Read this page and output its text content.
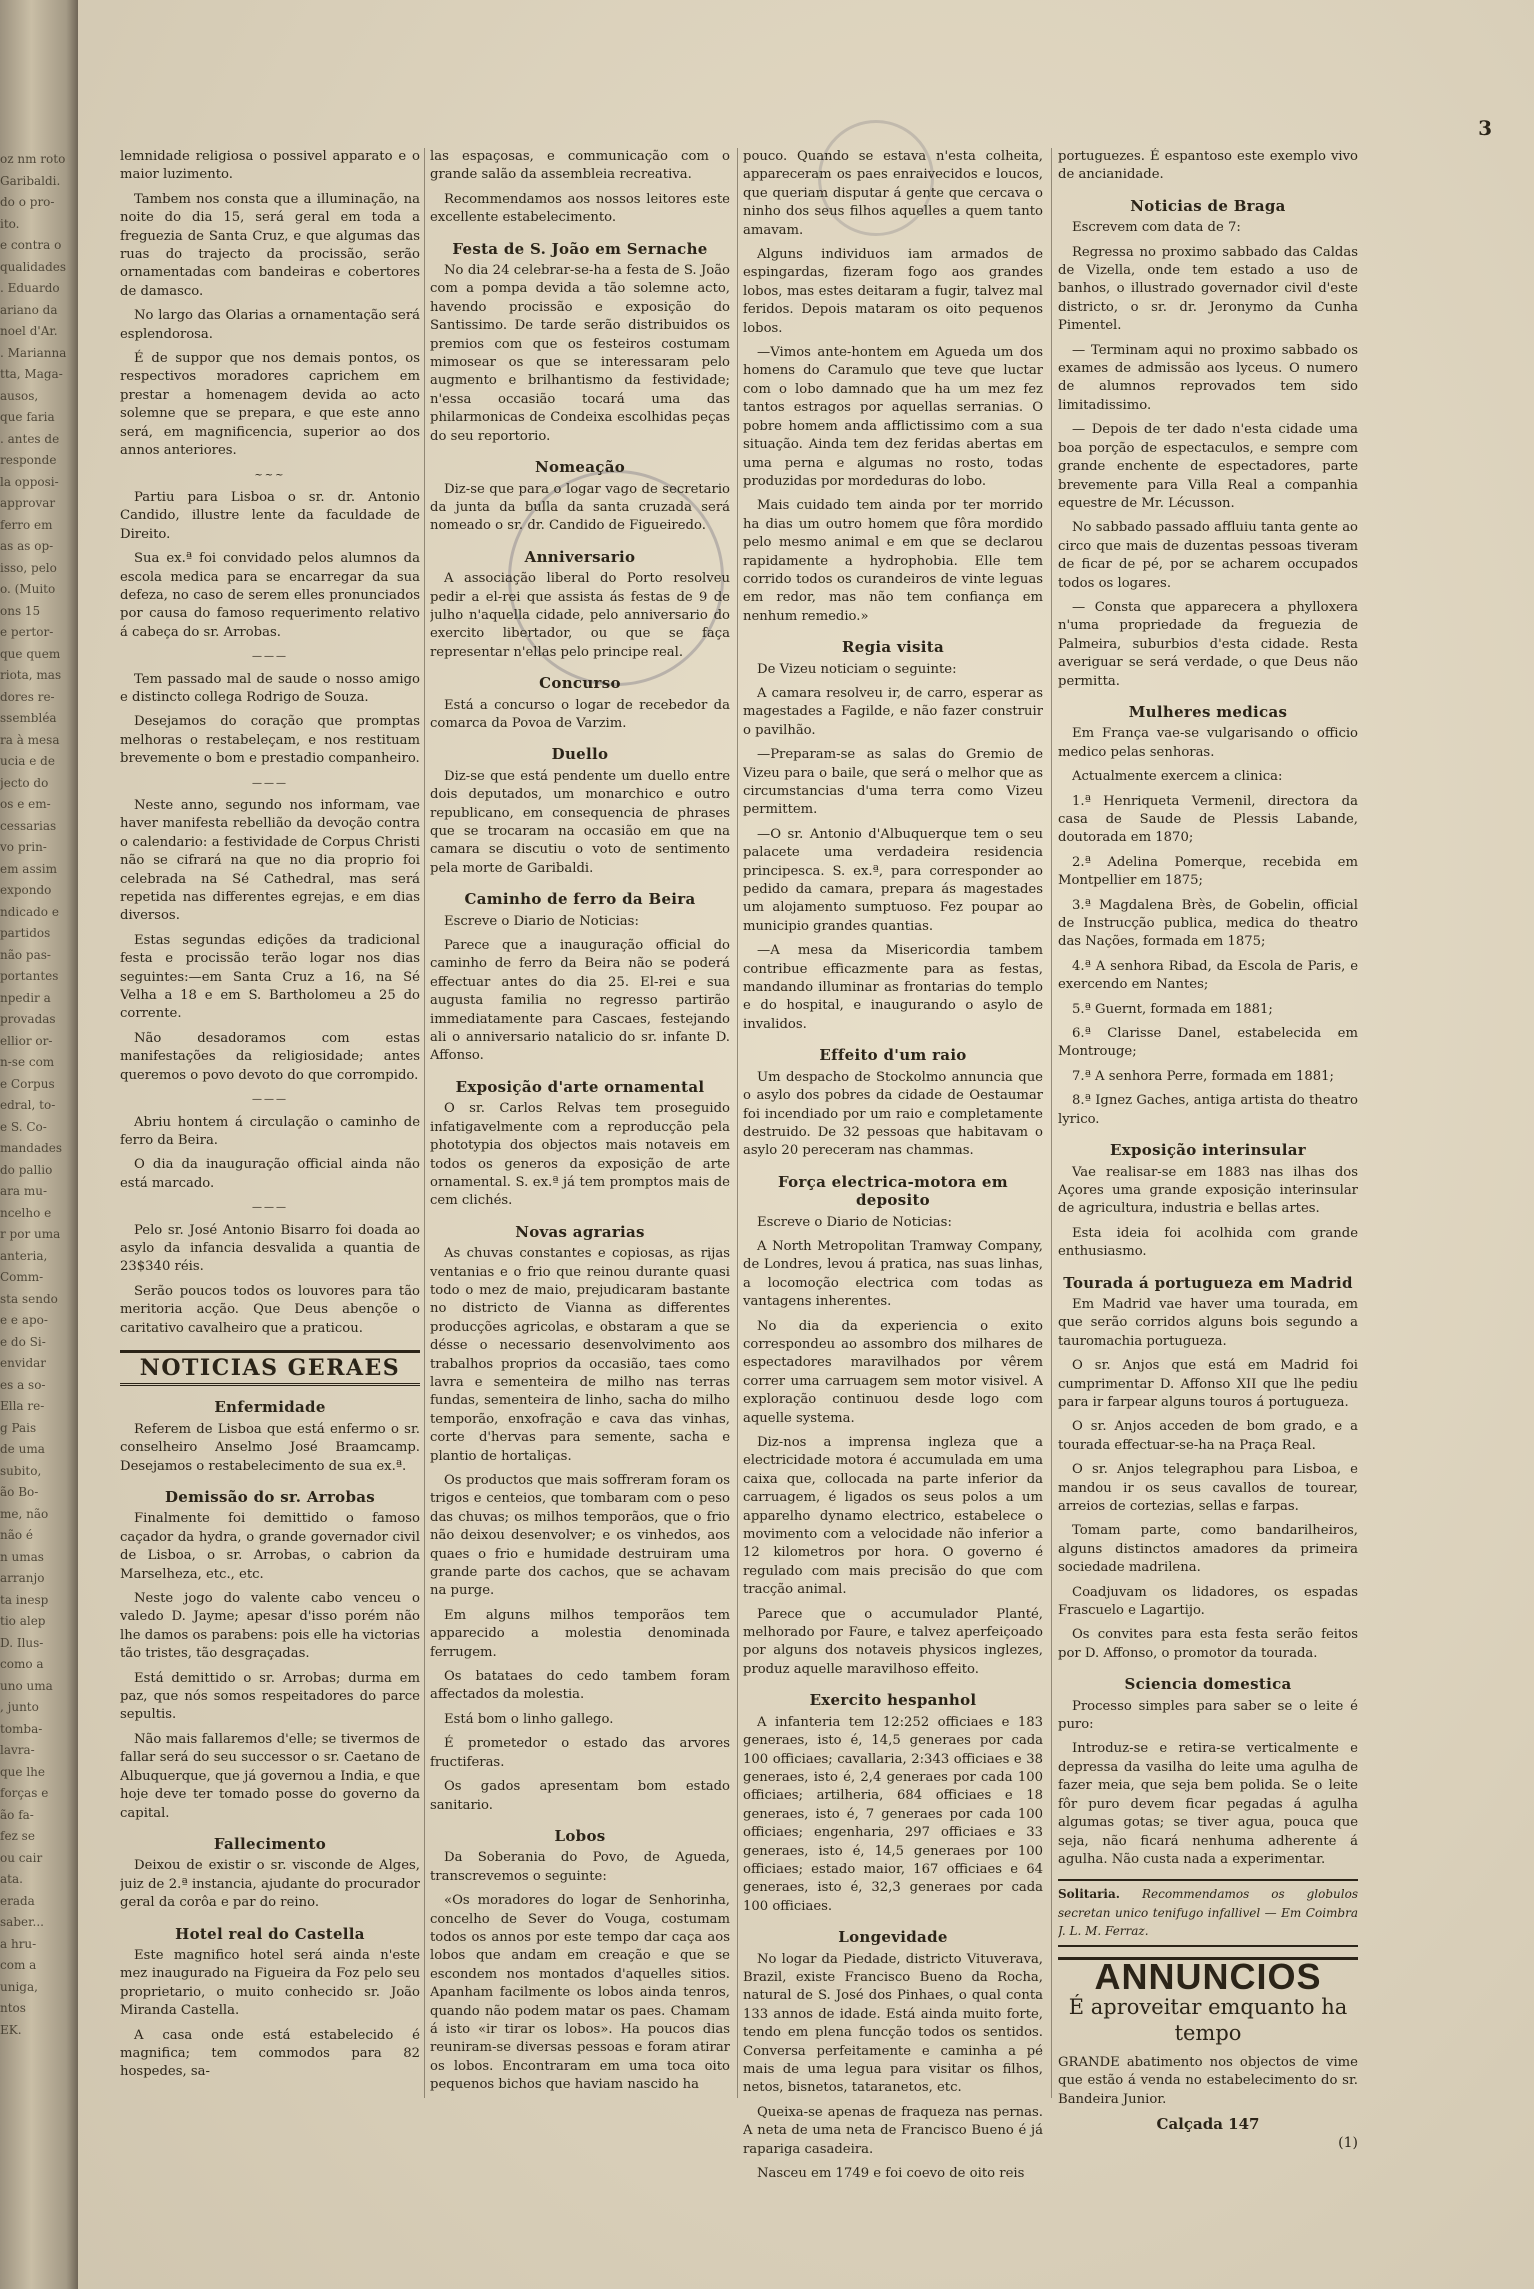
oz nm roto
Garibaldi.
do o pro-
ito.
e contra o
qualidades
. Eduardo
ariano da
noel d'Ar.
. Marianna
tta, Maga-
ausos,
que faria
. antes de
responde
la opposi-
approvar
ferro em
as as op-
isso, pelo
o. (Muito
ons 15
e pertor-
que quem
riota, mas
dores re-
ssembléa
ra à mesa
ucia e de
jecto do
os e em-
cessarias
vo prin-
em assim
expondo
ndicado e
partidos
não pas-
portantes
npedir a
provadas
ellior or-
n-se com
e Corpus
edral, to-
e S. Co-
mandades
do pallio
ara mu-
ncelho e
r por uma
anteria,
Comm-
sta sendo
e e apo-
e do Si-
envidar
es a so-
Ella re-
g Pais
de uma
subito,
ão Bo-
me, não
não é
n umas
arranjo
ta inesp
tio alep
D. Ilus-
como a
uno uma
, junto
tomba-
lavra-
que lhe
forças e
ão fa-
fez se
ou cair
ata.
erada
saber...
a hru-
com a
uniga,
ntos
EK.
3

lemnidade religiosa o possivel apparato e o maior luzimento.

Tambem nos consta que a illuminação, na noite do dia 15, será geral em toda a freguezia de Santa Cruz, e que algumas das ruas do trajecto da procissão, serão ornamentadas com bandeiras e cobertores de damasco.

No largo das Olarias a ornamentação será esplendorosa.

É de suppor que nos demais pontos, os respectivos moradores caprichem em prestar a homenagem devida ao acto solemne que se prepara, e que este anno será, em magnificencia, superior ao dos annos anteriores.

~~~

Partiu para Lisboa o sr. dr. Antonio Candido, illustre lente da faculdade de Direito.

Sua ex.ª foi convidado pelos alumnos da escola medica para se encarregar da sua defeza, no caso de serem elles pronunciados por causa do famoso requerimento relativo á cabeça do sr. Arrobas.

———

Tem passado mal de saude o nosso amigo e distincto collega Rodrigo de Souza.

Desejamos do coração que promptas melhoras o restabeleçam, e nos restituam brevemente o bom e prestadio companheiro.

———

Neste anno, segundo nos informam, vae haver manifesta rebellião da devoção contra o calendario: a festividade de Corpus Christi não se cifrará na que no dia proprio foi celebrada na Sé Cathedral, mas será repetida nas differentes egrejas, e em dias diversos.

Estas segundas edições da tradicional festa e procissão terão logar nos dias seguintes:—em Santa Cruz a 16, na Sé Velha a 18 e em S. Bartholomeu a 25 do corrente.

Não desadoramos com estas manifestações da religiosidade; antes queremos o povo devoto do que corrompido.

———

Abriu hontem á circulação o caminho de ferro da Beira.

O dia da inauguração official ainda não está marcado.

———

Pelo sr. José Antonio Bisarro foi doada ao asylo da infancia desvalida a quantia de 23$340 réis.

Serão poucos todos os louvores para tão meritoria acção. Que Deus abençõe o caritativo cavalheiro que a praticou.

NOTICIAS GERAES
Enfermidade

Referem de Lisboa que está enfermo o sr. conselheiro Anselmo José Braamcamp. Desejamos o restabelecimento de sua ex.ª.

Demissão do sr. Arrobas

Finalmente foi demittido o famoso caçador da hydra, o grande governador civil de Lisboa, o sr. Arrobas, o cabrion da Marselheza, etc., etc.

Neste jogo do valente cabo venceu o valedo D. Jayme; apesar d'isso porém não lhe damos os parabens: pois elle ha victorias tão tristes, tão desgraçadas.

Está demittido o sr. Arrobas; durma em paz, que nós somos respeitadores do parce sepultis.

Não mais fallaremos d'elle; se tivermos de fallar será do seu successor o sr. Caetano de Albuquerque, que já governou a India, e que hoje deve ter tomado posse do governo da capital.

Fallecimento

Deixou de existir o sr. visconde de Alges, juiz de 2.ª instancia, ajudante do procurador geral da corôa e par do reino.

Hotel real do Castella

Este magnifico hotel será ainda n'este mez inaugurado na Figueira da Foz pelo seu proprietario, o muito conhecido sr. João Miranda Castella.

A casa onde está estabelecido é magnifica; tem commodos para 82 hospedes, sa-

las espaçosas, e communicação com o grande salão da assembleia recreativa.

Recommendamos aos nossos leitores este excellente estabelecimento.

Festa de S. João em Sernache

No dia 24 celebrar-se-ha a festa de S. João com a pompa devida a tão solemne acto, havendo procissão e exposição do Santissimo. De tarde serão distribuidos os premios com que os festeiros costumam mimosear os que se interessaram pelo augmento e brilhantismo da festividade; n'essa occasião tocará uma das philarmonicas de Condeixa escolhidas peças do seu reportorio.

Nomeação

Diz-se que para o logar vago de secretario da junta da bulla da santa cruzada será nomeado o sr. dr. Candido de Figueiredo.

Anniversario

A associação liberal do Porto resolveu pedir a el-rei que assista ás festas de 9 de julho n'aquella cidade, pelo anniversario do exercito libertador, ou que se faça representar n'ellas pelo principe real.

Concurso

Está a concurso o logar de recebedor da comarca da Povoa de Varzim.

Duello

Diz-se que está pendente um duello entre dois deputados, um monarchico e outro republicano, em consequencia de phrases que se trocaram na occasião em que na camara se discutiu o voto de sentimento pela morte de Garibaldi.

Caminho de ferro da Beira

Escreve o Diario de Noticias:

Parece que a inauguração official do caminho de ferro da Beira não se poderá effectuar antes do dia 25. El-rei e sua augusta familia no regresso partirão immediatamente para Cascaes, festejando ali o anniversario natalicio do sr. infante D. Affonso.

Exposição d'arte ornamental

O sr. Carlos Relvas tem proseguido infatigavelmente com a reproducção pela phototypia dos objectos mais notaveis em todos os generos da exposição de arte ornamental. S. ex.ª já tem promptos mais de cem clichés.

Novas agrarias

As chuvas constantes e copiosas, as rijas ventanias e o frio que reinou durante quasi todo o mez de maio, prejudicaram bastante no districto de Vianna as differentes producções agricolas, e obstaram a que se désse o necessario desenvolvimento aos trabalhos proprios da occasião, taes como lavra e sementeira de milho nas terras fundas, sementeira de linho, sacha do milho temporão, enxofração e cava das vinhas, corte d'hervas para semente, sacha e plantio de hortaliças.

Os productos que mais soffreram foram os trigos e centeios, que tombaram com o peso das chuvas; os milhos temporãos, que o frio não deixou desenvolver; e os vinhedos, aos quaes o frio e humidade destruiram uma grande parte dos cachos, que se achavam na purge.

Em alguns milhos temporãos tem apparecido a molestia denominada ferrugem.

Os batataes do cedo tambem foram affectados da molestia.

Está bom o linho gallego.

É prometedor o estado das arvores fructiferas.

Os gados apresentam bom estado sanitario.

Lobos

Da Soberania do Povo, de Agueda, transcrevemos o seguinte:

«Os moradores do logar de Senhorinha, concelho de Sever do Vouga, costumam todos os annos por este tempo dar caça aos lobos que andam em creação e que se escondem nos montados d'aquelles sitios. Apanham facilmente os lobos ainda tenros, quando não podem matar os paes. Chamam á isto «ir tirar os lobos». Ha poucos dias reuniram-se diversas pessoas e foram atirar os lobos. Encontraram em uma toca oito pequenos bichos que haviam nascido ha

pouco. Quando se estava n'esta colheita, appareceram os paes enraivecidos e loucos, que queriam disputar á gente que cercava o ninho dos seus filhos aquelles a quem tanto amavam.

Alguns individuos iam armados de espingardas, fizeram fogo aos grandes lobos, mas estes deitaram a fugir, talvez mal feridos. Depois mataram os oito pequenos lobos.

—Vimos ante-hontem em Agueda um dos homens do Caramulo que teve que luctar com o lobo damnado que ha um mez fez tantos estragos por aquellas serranias. O pobre homem anda afflictissimo com a sua situação. Ainda tem dez feridas abertas em uma perna e algumas no rosto, todas produzidas por mordeduras do lobo.

Mais cuidado tem ainda por ter morrido ha dias um outro homem que fôra mordido pelo mesmo animal e em que se declarou rapidamente a hydrophobia. Elle tem corrido todos os curandeiros de vinte leguas em redor, mas não tem confiança em nenhum remedio.»

Regia visita

De Vizeu noticiam o seguinte:

A camara resolveu ir, de carro, esperar as magestades a Fagilde, e não fazer construir o pavilhão.

—Preparam-se as salas do Gremio de Vizeu para o baile, que será o melhor que as circumstancias d'uma terra como Vizeu permittem.

—O sr. Antonio d'Albuquerque tem o seu palacete uma verdadeira residencia principesca. S. ex.ª, para corresponder ao pedido da camara, prepara ás magestades um alojamento sumptuoso. Fez poupar ao municipio grandes quantias.

—A mesa da Misericordia tambem contribue efficazmente para as festas, mandando illuminar as frontarias do templo e do hospital, e inaugurando o asylo de invalidos.

Effeito d'um raio

Um despacho de Stockolmo annuncia que o asylo dos pobres da cidade de Oestaumar foi incendiado por um raio e completamente destruido. De 32 pessoas que habitavam o asylo 20 pereceram nas chammas.

Força electrica-motora em deposito

Escreve o Diario de Noticias:

A North Metropolitan Tramway Company, de Londres, levou á pratica, nas suas linhas, a locomoção electrica com todas as vantagens inherentes.

No dia da experiencia o exito correspondeu ao assombro dos milhares de espectadores maravilhados por vêrem correr uma carruagem sem motor visivel. A exploração continuou desde logo com aquelle systema.

Diz-nos a imprensa ingleza que a electricidade motora é accumulada em uma caixa que, collocada na parte inferior da carruagem, é ligados os seus polos a um apparelho dynamo electrico, estabelece o movimento com a velocidade não inferior a 12 kilometros por hora. O governo é regulado com mais precisão do que com tracção animal.

Parece que o accumulador Planté, melhorado por Faure, e talvez aperfeiçoado por alguns dos notaveis physicos inglezes, produz aquelle maravilhoso effeito.

Exercito hespanhol

A infanteria tem 12:252 officiaes e 183 generaes, isto é, 14,5 generaes por cada 100 officiaes; cavallaria, 2:343 officiaes e 38 generaes, isto é, 2,4 generaes por cada 100 officiaes; artilheria, 684 officiaes e 18 generaes, isto é, 7 generaes por cada 100 officiaes; engenharia, 297 officiaes e 33 generaes, isto é, 14,5 generaes por 100 officiaes; estado maior, 167 officiaes e 64 generaes, isto é, 32,3 generaes por cada 100 officiaes.

Longevidade

No logar da Piedade, districto Vituverava, Brazil, existe Francisco Bueno da Rocha, natural de S. José dos Pinhaes, o qual conta 133 annos de idade. Está ainda muito forte, tendo em plena funcção todos os sentidos. Conversa perfeitamente e caminha a pé mais de uma legua para visitar os filhos, netos, bisnetos, tataranetos, etc.

Queixa-se apenas de fraqueza nas pernas. A neta de uma neta de Francisco Bueno é já rapariga casadeira.

Nasceu em 1749 e foi coevo de oito reis

portuguezes. É espantoso este exemplo vivo de ancianidade.

Noticias de Braga

Escrevem com data de 7:

Regressa no proximo sabbado das Caldas de Vizella, onde tem estado a uso de banhos, o illustrado governador civil d'este districto, o sr. dr. Jeronymo da Cunha Pimentel.

— Terminam aqui no proximo sabbado os exames de admissão aos lyceus. O numero de alumnos reprovados tem sido limitadissimo.

— Depois de ter dado n'esta cidade uma boa porção de espectaculos, e sempre com grande enchente de espectadores, parte brevemente para Villa Real a companhia equestre de Mr. Lécusson.

No sabbado passado affluiu tanta gente ao circo que mais de duzentas pessoas tiveram de ficar de pé, por se acharem occupados todos os logares.

— Consta que apparecera a phylloxera n'uma propriedade da freguezia de Palmeira, suburbios d'esta cidade. Resta averiguar se será verdade, o que Deus não permitta.

Mulheres medicas

Em França vae-se vulgarisando o officio medico pelas senhoras.

Actualmente exercem a clinica:

1.ª Henriqueta Vermenil, directora da casa de Saude de Plessis Labande, doutorada em 1870;

2.ª Adelina Pomerque, recebida em Montpellier em 1875;

3.ª Magdalena Brès, de Gobelin, official de Instrucção publica, medica do theatro das Nações, formada em 1875;

4.ª A senhora Ribad, da Escola de Paris, e exercendo em Nantes;

5.ª Guernt, formada em 1881;

6.ª Clarisse Danel, estabelecida em Montrouge;

7.ª A senhora Perre, formada em 1881;

8.ª Ignez Gaches, antiga artista do theatro lyrico.

Exposição interinsular

Vae realisar-se em 1883 nas ilhas dos Açores uma grande exposição interinsular de agricultura, industria e bellas artes.

Esta ideia foi acolhida com grande enthusiasmo.

Tourada á portugueza em Madrid

Em Madrid vae haver uma tourada, em que serão corridos alguns bois segundo a tauromachia portugueza.

O sr. Anjos que está em Madrid foi cumprimentar D. Affonso XII que lhe pediu para ir farpear alguns touros á portugueza.

O sr. Anjos acceden de bom grado, e a tourada effectuar-se-ha na Praça Real.

O sr. Anjos telegraphou para Lisboa, e mandou ir os seus cavallos de tourear, arreios de cortezias, sellas e farpas.

Tomam parte, como bandarilheiros, alguns distinctos amadores da primeira sociedade madrilena.

Coadjuvam os lidadores, os espadas Frascuelo e Lagartijo.

Os convites para esta festa serão feitos por D. Affonso, o promotor da tourada.

Sciencia domestica

Processo simples para saber se o leite é puro:

Introduz-se e retira-se verticalmente e depressa da vasilha do leite uma agulha de fazer meia, que seja bem polida. Se o leite fôr puro devem ficar pegadas á agulha algumas gotas; se tiver agua, pouca que seja, não ficará nenhuma adherente á agulha. Não custa nada a experimentar.

Solitaria. Recommendamos os globulos secretan unico tenifugo infallivel — Em Coimbra J. L. M. Ferraz.
ANNUNCIOS
É aproveitar emquanto ha tempo

GRANDE abatimento nos objectos de vime que estão á venda no estabelecimento do sr. Bandeira Junior.

Calçada 147
(1)
